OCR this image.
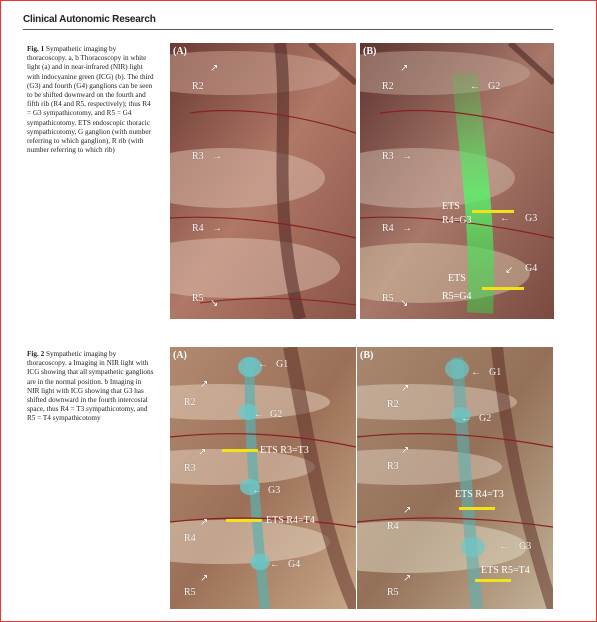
Clinical Autonomic Research
Fig. 1 Sympathetic imaging by thoracoscopy. a, b Thoracoscopy in white light (a) and in near-infrared (NIR) light with indocyanine green (ICG) (b). The third (G3) and fourth (G4) ganglions can be seen to be shifted downward on the fourth and fifth rib (R4 and R5, respectively); thus R4 = G3 sympathicotomy, and R5 = G4 sympathicotomy. ETS endoscopic thoracic sympathicotomy, G ganglion (with number referring to which ganglion), R rib (with number referring to which rib)
(A)
R2
↗
R3 →
R4 →
R5 ↘
(B)
R2
↗
← G2
R3 →
R4 →
ETS
R4=G3	← G3
ETS
R5=G4
↙ G4
R5 ↘
Fig. 2 Sympathetic imaging by thoracoscopy. a Imaging in NIR light with ICG showing that all sympathetic ganglions are in the normal position. b Imaging in NIR light with ICG showing that G3 has shifted downward in the fourth intercostal space, thus R4 = T3 sympathicotomy, and R5 = T4 sympathicotomy
(A)
← G1
R2
↗
← G2
ETS R3=T3
R3
↗
← G3
ETS R4=T4
R4
↗
← G4
R5
↗
(B)
← G1
R2
↗
← G2
R3
↗
ETS R4=T3
R4
↗
← G3
ETS R5=T4
R5
↗
